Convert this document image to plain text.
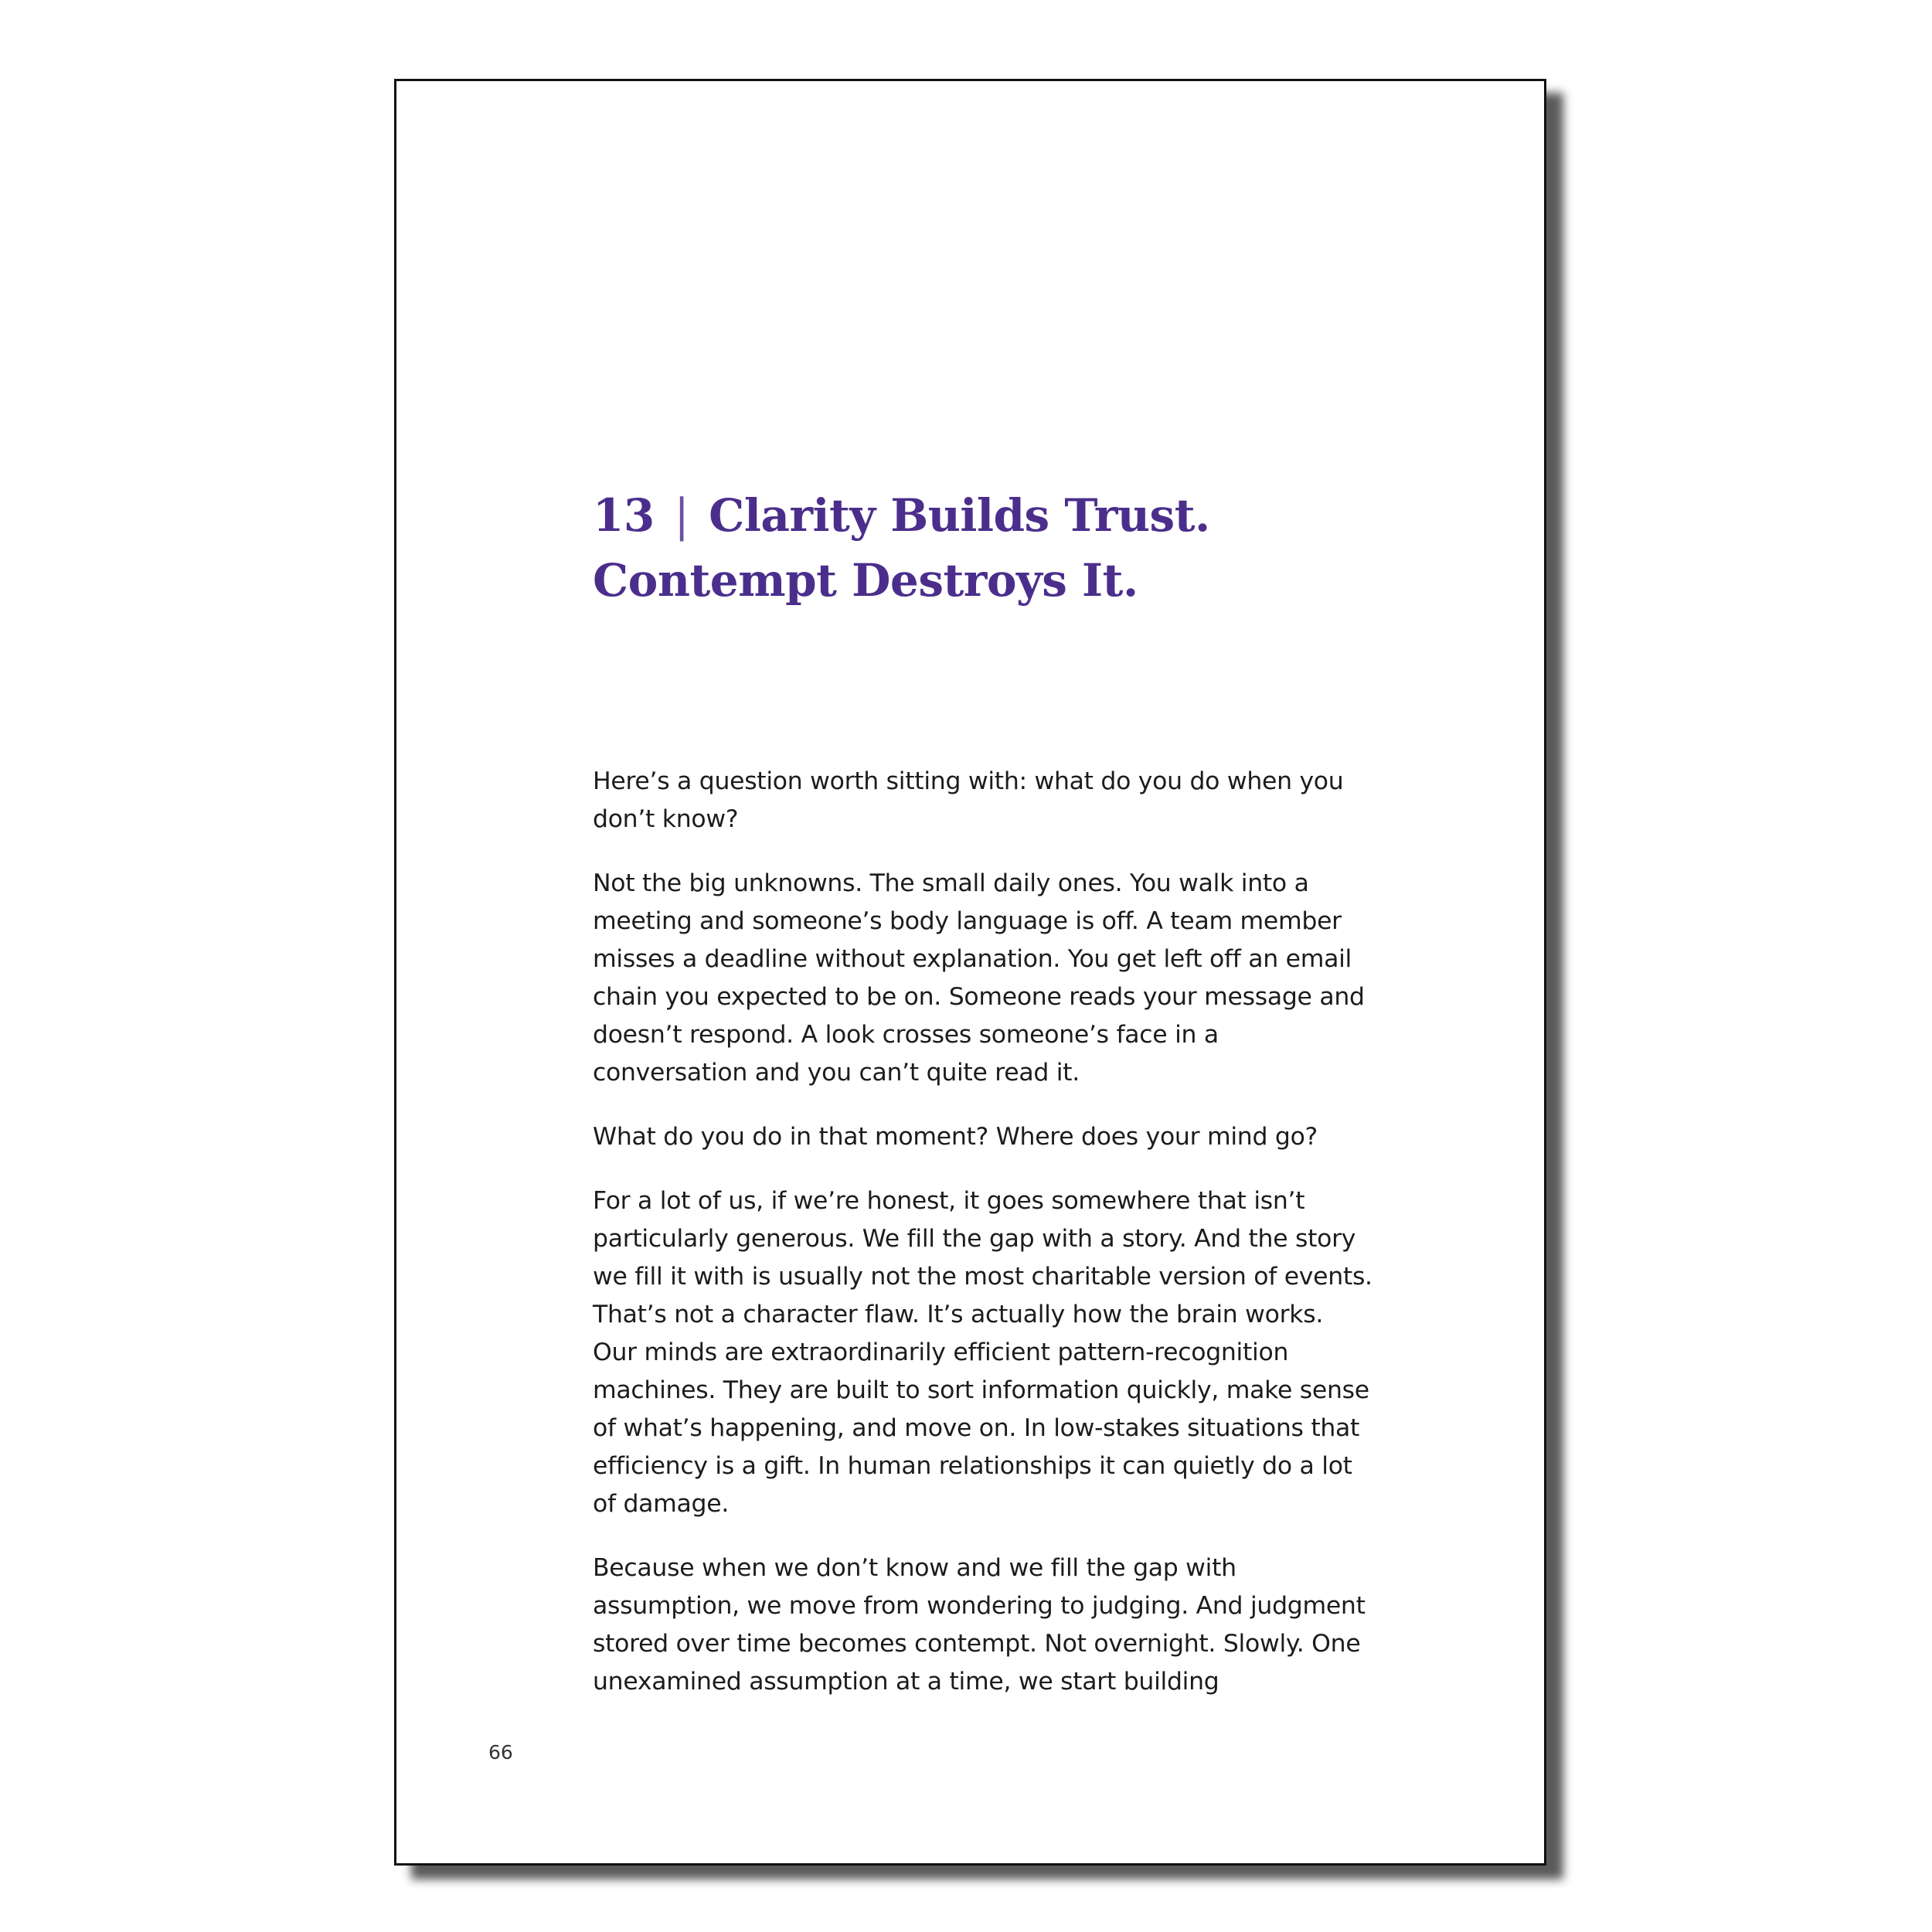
13 | Clarity Builds Trust.
Contempt Destroys It.

Here’s a question worth sitting with: what do you do when you don’t know?

Not the big unknowns. The small daily ones. You walk into a meeting and someone’s body language is off. A team member misses a deadline without explanation. You get left off an email chain you expected to be on. Someone reads your message and doesn’t respond. A look crosses someone’s face in a conversation and you can’t quite read it.

What do you do in that moment? Where does your mind go?

For a lot of us, if we’re honest, it goes somewhere that isn’t particularly generous. We fill the gap with a story. And the story we fill it with is usually not the most charitable version of events. That’s not a character flaw. It’s actually how the brain works. Our minds are extraordinarily efficient pattern-recognition machines. They are built to sort information quickly, make sense of what’s happening, and move on. In low-stakes situations that efficiency is a gift. In human relationships it can quietly do a lot of damage.

Because when we don’t know and we fill the gap with assumption, we move from wondering to judging. And judgment stored over time becomes contempt. Not overnight. Slowly. One unexamined assumption at a time, we start building

66
